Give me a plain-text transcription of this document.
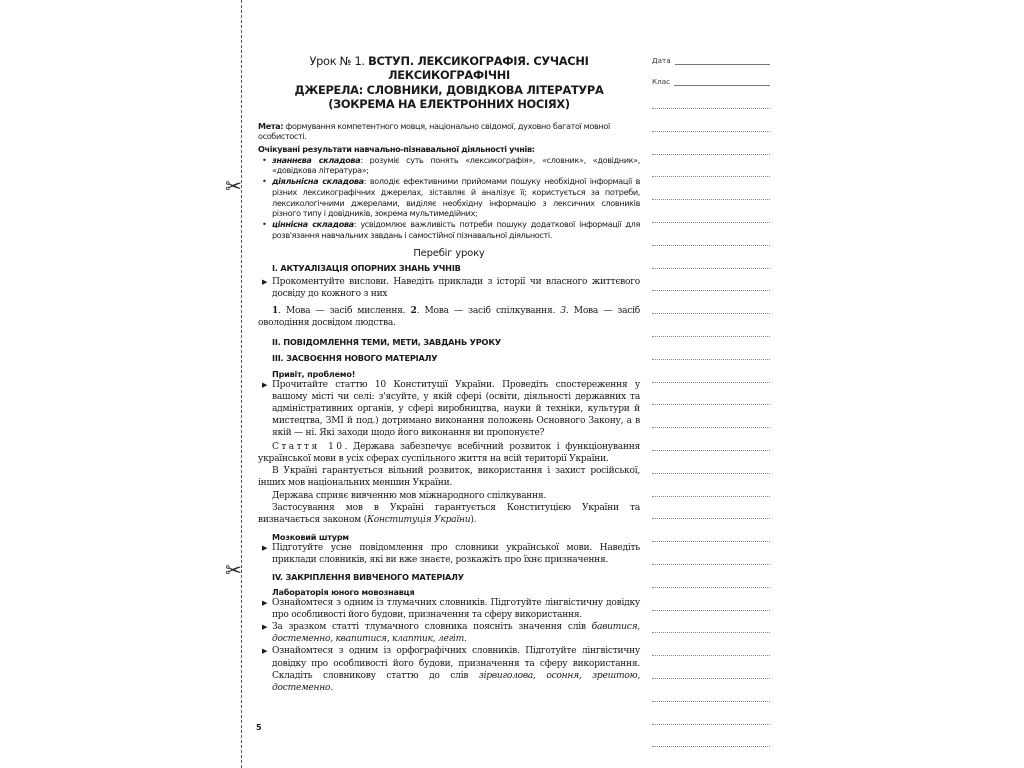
✂
✂
Урок № 1. ВСТУП. ЛЕКСИКОГРАФІЯ. СУЧАСНІ ЛЕКСИКОГРАФІЧНІ
ДЖЕРЕЛА: СЛОВНИКИ, ДОВІДКОВА ЛІТЕРАТУРА
(ЗОКРЕМА НА ЕЛЕКТРОННИХ НОСІЯХ)
Мета: формування компетентного мовця, національно свідомої, духовно багатої мовної особистості.
Очікувані результати навчально-пізнавальної діяльності учнів:
• знаннєва складова: розуміє суть понять «лексикографія», «словник», «довідник», «довідкова література»;
• діяльнісна складова: володіє ефективними прийомами пошуку необхідної інформації в різних лексикографічних джерелах, зіставляє й аналізує її; користується за потреби, лексикологічними джерелами, виділяє необхідну інформацію з лексичних словників різного типу і довідників, зокрема мультимедійних;
• ціннісна складова: усвідомлює важливість потреби пошуку додаткової інформації для розв'язання навчальних завдань і самостійної пізнавальної діяльності.
Перебіг уроку
I. АКТУАЛІЗАЦІЯ ОПОРНИХ ЗНАНЬ УЧНІВ
▶ Прокоментуйте вислови. Наведіть приклади з історії чи власного життєвого досвіду до кожного з них
1. Мова — засіб мислення. 2. Мова — засіб спілкування. 3. Мова — засіб оволодіння досвідом людства.
II. ПОВІДОМЛЕННЯ ТЕМИ, МЕТИ, ЗАВДАНЬ УРОКУ
III. ЗАСВОЄННЯ НОВОГО МАТЕРІАЛУ
Привіт, проблемо!
▶ Прочитайте статтю 10 Конституції України. Проведіть спостереження у вашому місті чи селі: з'ясуйте, у якій сфері (освіти, діяльності державних та адміністративних органів, у сфері виробництва, науки й техніки, культури й мистецтва, ЗМІ й под.) дотримано виконання положень Основного Закону, а в якій — ні. Які заходи щодо його виконання ви пропонуєте?
Стаття 10. Держава забезпечує всебічний розвиток і функціонування української мови в усіх сферах суспільного життя на всій території України.
В Україні гарантується вільний розвиток, використання і захист російської, інших мов національних меншин України.
Держава сприяє вивченню мов міжнародного спілкування.
Застосування мов в Україні гарантується Конституцією України та визначається законом (Конституція України).
Мозковий штурм
▶ Підготуйте усне повідомлення про словники української мови. Наведіть приклади словників, які ви вже знаєте, розкажіть про їхнє призначення.
IV. ЗАКРІПЛЕННЯ ВИВЧЕНОГО МАТЕРІАЛУ
Лабораторія юного мовознавця
▶ Ознайомтеся з одним із тлумачних словників. Підготуйте лінгвістичну довідку про особливості його будови, призначення та сферу використання.
▶ За зразком статті тлумачного словника поясніть значення слів бавитися, достеменно, квапитися, клаптик, легіт.
▶ Ознайомтеся з одним із орфографічних словників. Підготуйте лінгвістичну довідку про особливості його будови, призначення та сферу використання. Складіть словникову статтю до слів зірвиголова, осоння, зрештою, достеменно.
Дата
Клас
5
